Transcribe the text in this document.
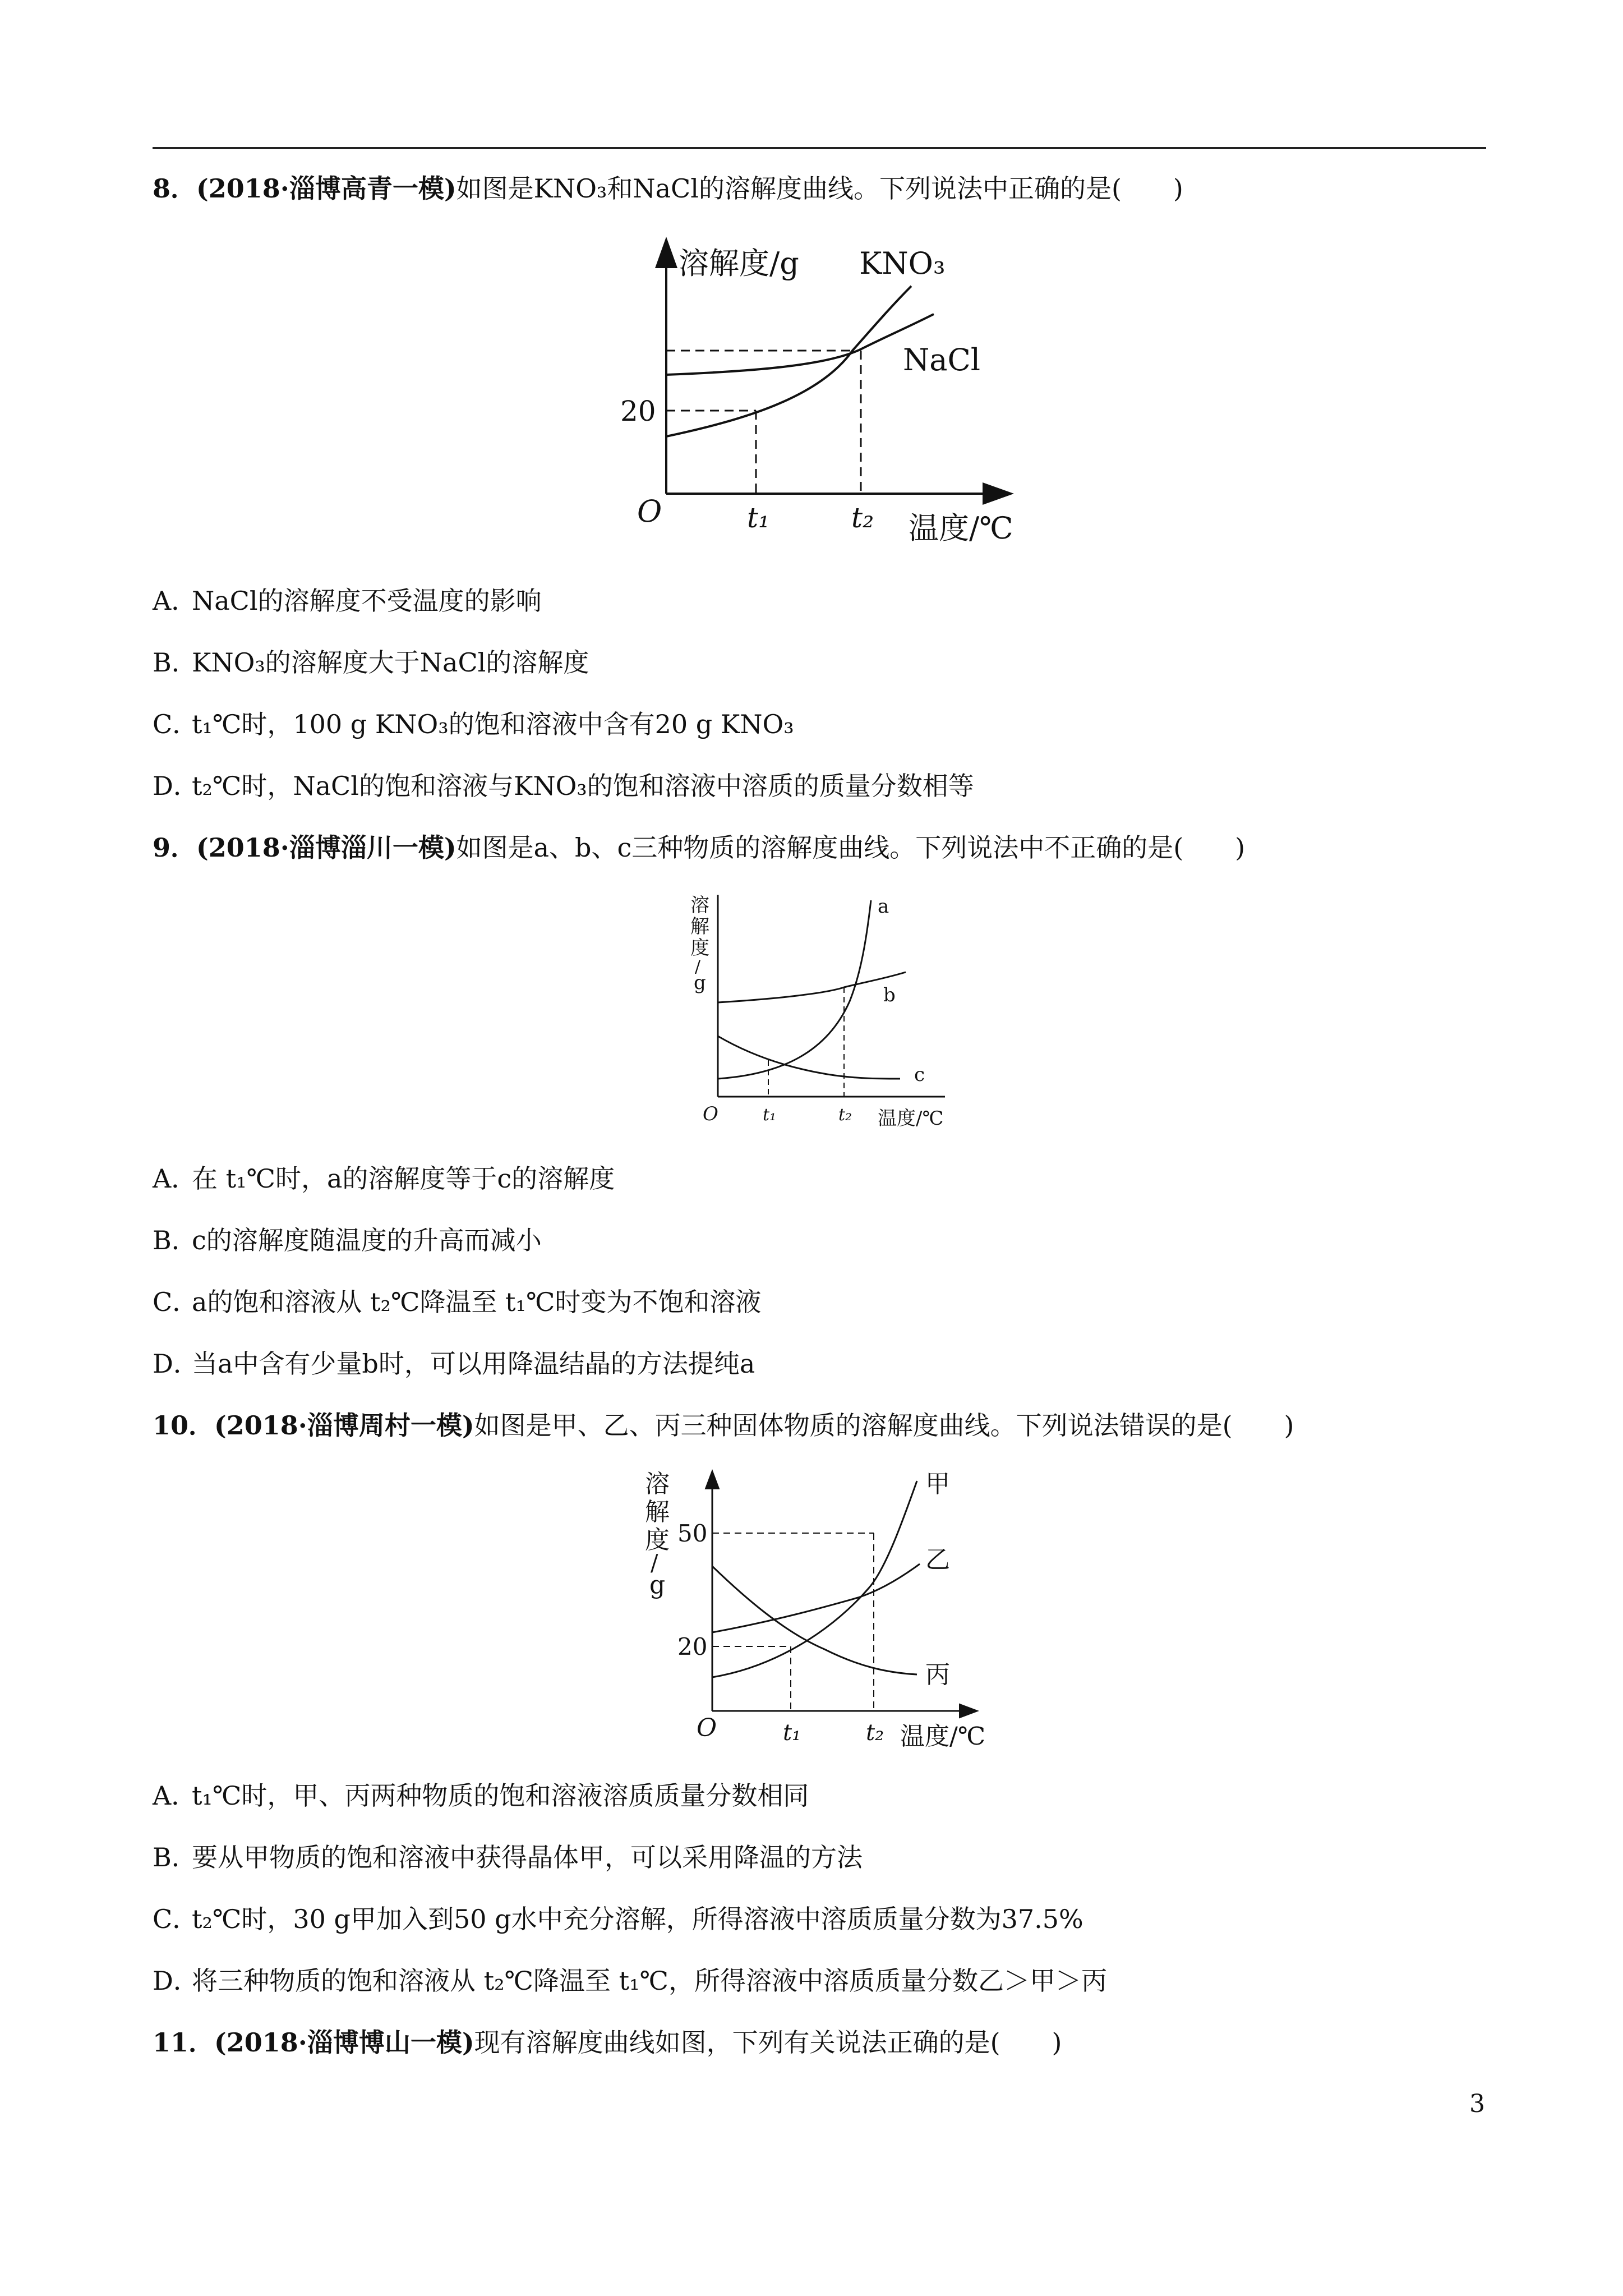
8．(2018·淄博高青一模)如图是KNO₃和NaCl的溶解度曲线。下列说法中正确的是(　　)
溶解度/g KNO₃
NaCl
20
O	t₁	t₂ 温度/℃
A．NaCl的溶解度不受温度的影响
B．KNO₃的溶解度大于NaCl的溶解度
C．t₁℃时，100 g KNO₃的饱和溶液中含有20 g KNO₃
D．t₂℃时，NaCl的饱和溶液与KNO₃的饱和溶液中溶质的质量分数相等
9．(2018·淄博淄川一模)如图是a、b、c三种物质的溶解度曲线。下列说法中不正确的是(　　)
溶
解
度
/
g
a
b
c
O	t₁	t₂ 温度/℃
A．在 t₁℃时，a的溶解度等于c的溶解度
B．c的溶解度随温度的升高而减小
C．a的饱和溶液从 t₂℃降温至 t₁℃时变为不饱和溶液
D．当a中含有少量b时，可以用降温结晶的方法提纯a
10．(2018·淄博周村一模)如图是甲、乙、丙三种固体物质的溶解度曲线。下列说法错误的是(　　)
溶
解
度
/
g
50
20
甲
乙
丙
O	t₁	t₂ 温度/℃
A．t₁℃时，甲、丙两种物质的饱和溶液溶质质量分数相同
B．要从甲物质的饱和溶液中获得晶体甲，可以采用降温的方法
C．t₂℃时，30 g甲加入到50 g水中充分溶解，所得溶液中溶质质量分数为37.5%
D．将三种物质的饱和溶液从 t₂℃降温至 t₁℃，所得溶液中溶质质量分数乙＞甲＞丙
11．(2018·淄博博山一模)现有溶解度曲线如图，下列有关说法正确的是(　　)
3
